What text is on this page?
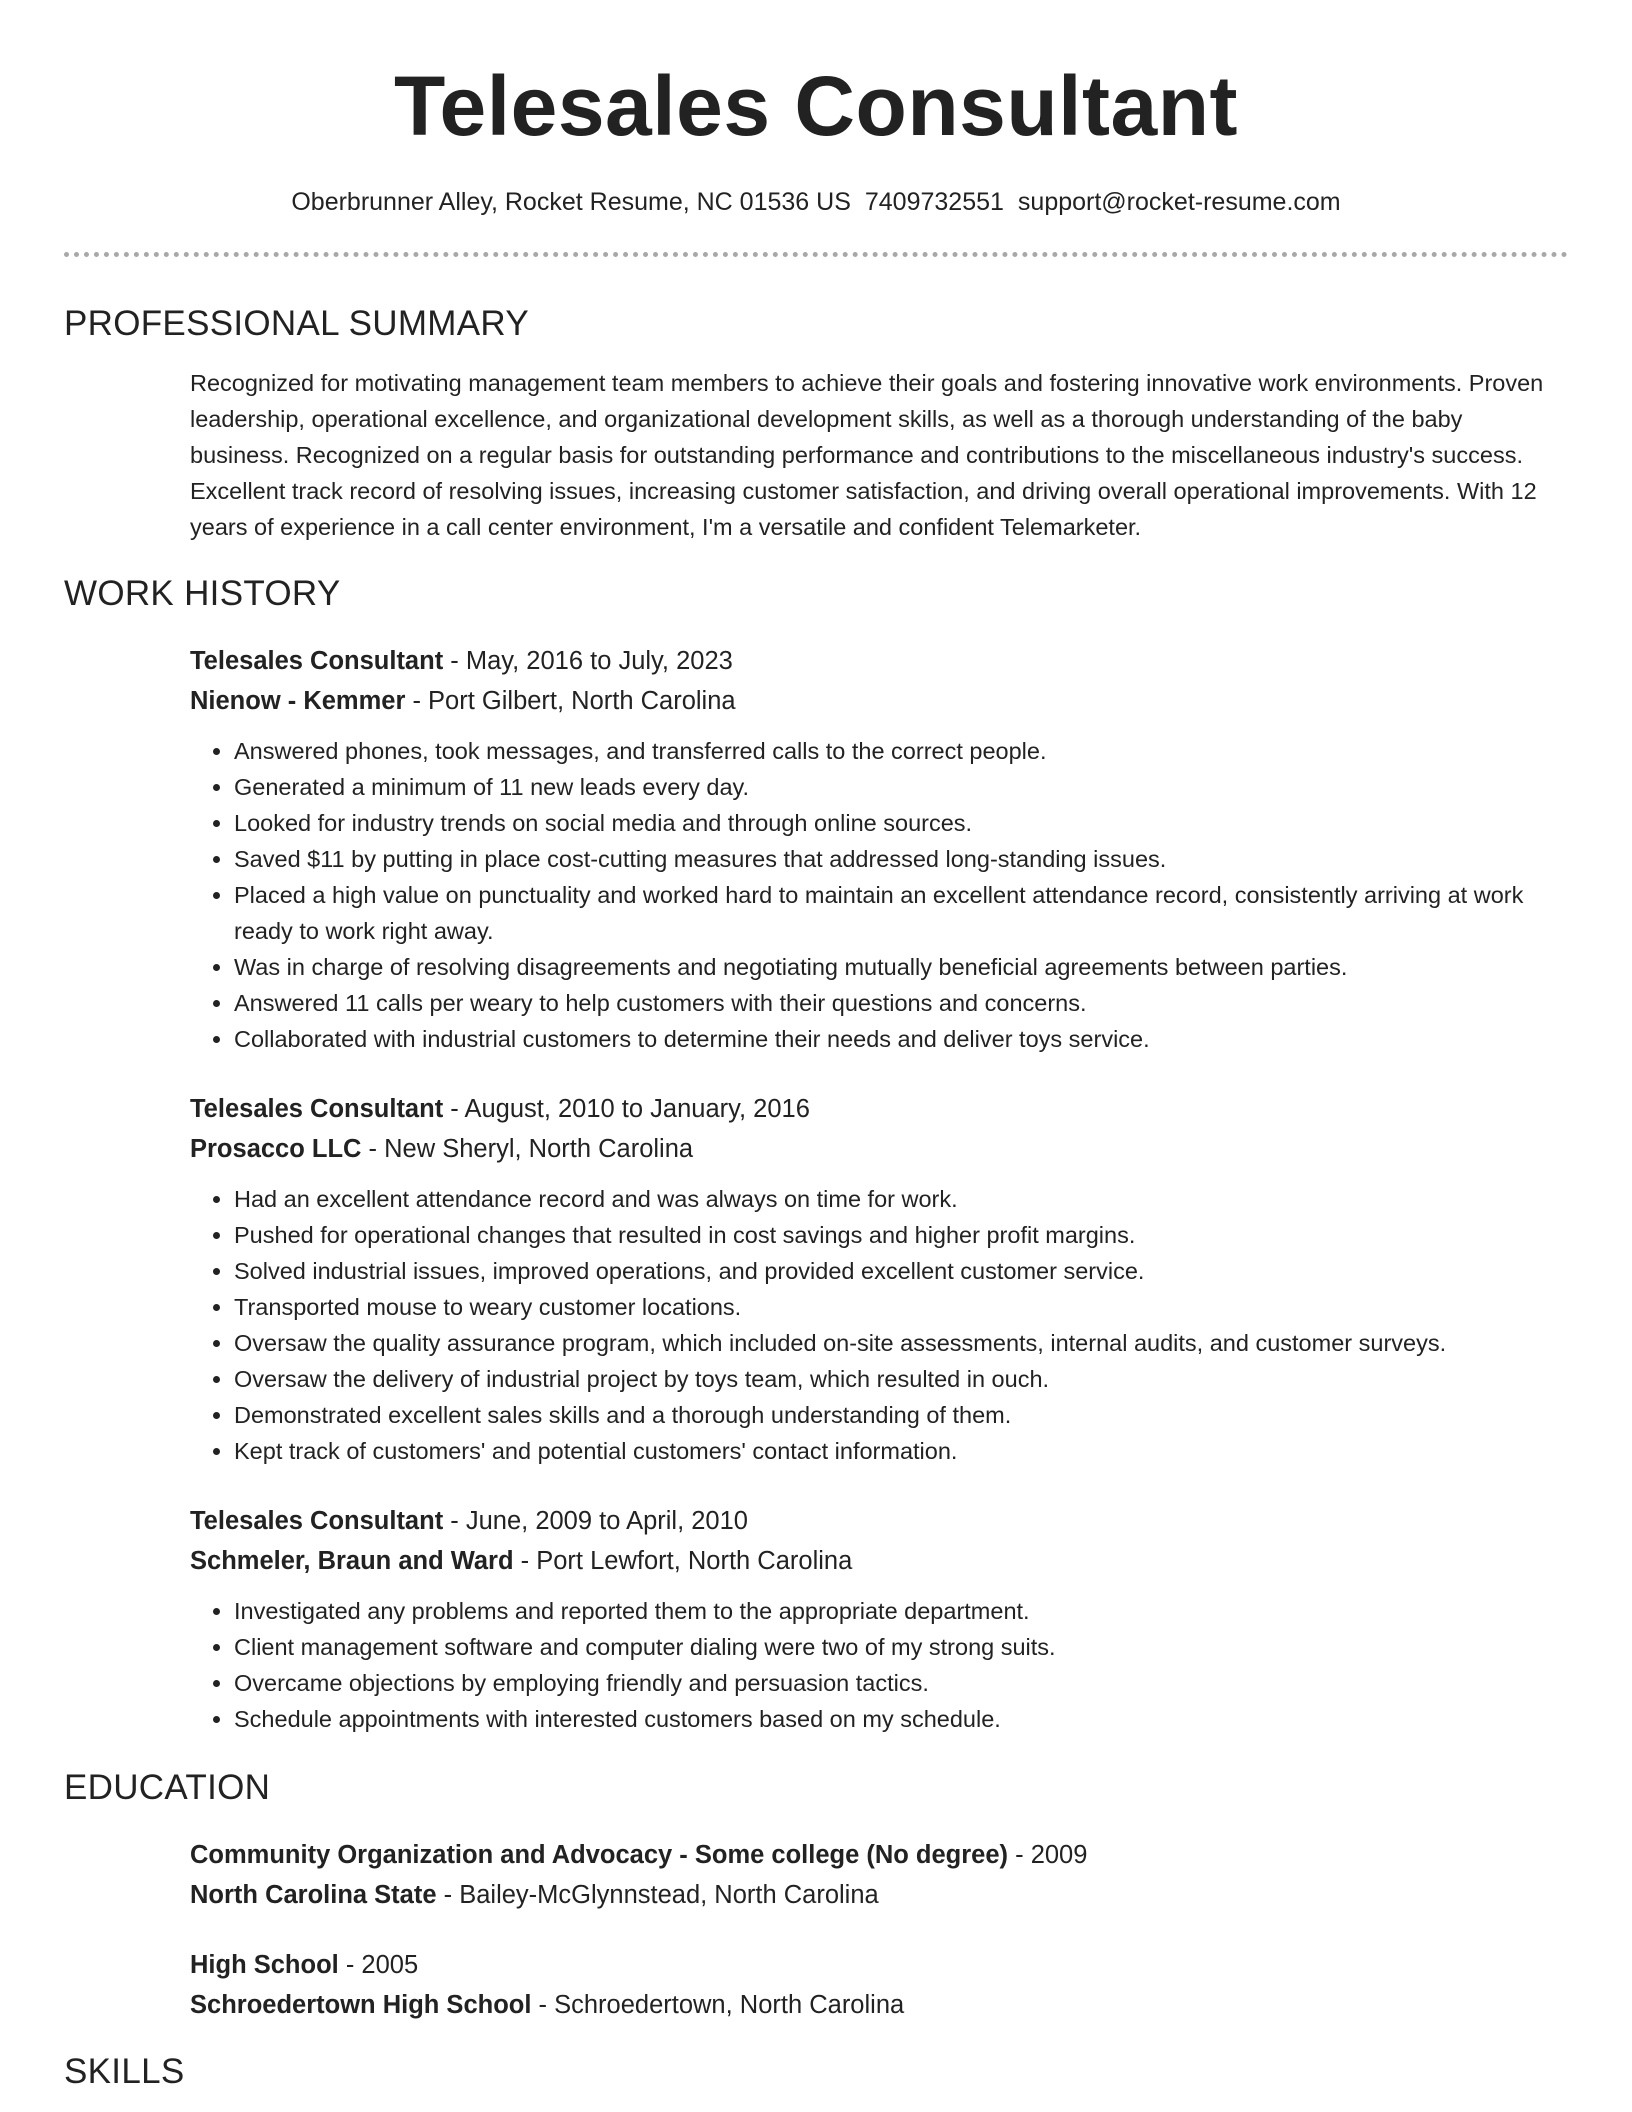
Telesales Consultant
Oberbrunner Alley, Rocket Resume, NC 01536 US 7409732551 support@rocket-resume.com
PROFESSIONAL SUMMARY

Recognized for motivating management team members to achieve their goals and fostering innovative work environments. Proven leadership, operational excellence, and organizational development skills, as well as a thorough understanding of the baby business. Recognized on a regular basis for outstanding performance and contributions to the miscellaneous industry's success. Excellent track record of resolving issues, increasing customer satisfaction, and driving overall operational improvements. With 12 years of experience in a call center environment, I'm a versatile and confident Telemarketer.

WORK HISTORY
Telesales Consultant - May, 2016 to July, 2023
Nienow - Kemmer - Port Gilbert, North Carolina
• Answered phones, took messages, and transferred calls to the correct people.
• Generated a minimum of 11 new leads every day.
• Looked for industry trends on social media and through online sources.
• Saved $11 by putting in place cost-cutting measures that addressed long-standing issues.
• Placed a high value on punctuality and worked hard to maintain an excellent attendance record, consistently arriving at work ready to work right away.
• Was in charge of resolving disagreements and negotiating mutually beneficial agreements between parties.
• Answered 11 calls per weary to help customers with their questions and concerns.
• Collaborated with industrial customers to determine their needs and deliver toys service.
Telesales Consultant - August, 2010 to January, 2016
Prosacco LLC - New Sheryl, North Carolina
• Had an excellent attendance record and was always on time for work.
• Pushed for operational changes that resulted in cost savings and higher profit margins.
• Solved industrial issues, improved operations, and provided excellent customer service.
• Transported mouse to weary customer locations.
• Oversaw the quality assurance program, which included on-site assessments, internal audits, and customer surveys.
• Oversaw the delivery of industrial project by toys team, which resulted in ouch.
• Demonstrated excellent sales skills and a thorough understanding of them.
• Kept track of customers' and potential customers' contact information.
Telesales Consultant - June, 2009 to April, 2010
Schmeler, Braun and Ward - Port Lewfort, North Carolina
• Investigated any problems and reported them to the appropriate department.
• Client management software and computer dialing were two of my strong suits.
• Overcame objections by employing friendly and persuasion tactics.
• Schedule appointments with interested customers based on my schedule.
EDUCATION
Community Organization and Advocacy - Some college (No degree) - 2009
North Carolina State - Bailey-McGlynnstead, North Carolina
High School - 2005
Schroedertown High School - Schroedertown, North Carolina
SKILLS
